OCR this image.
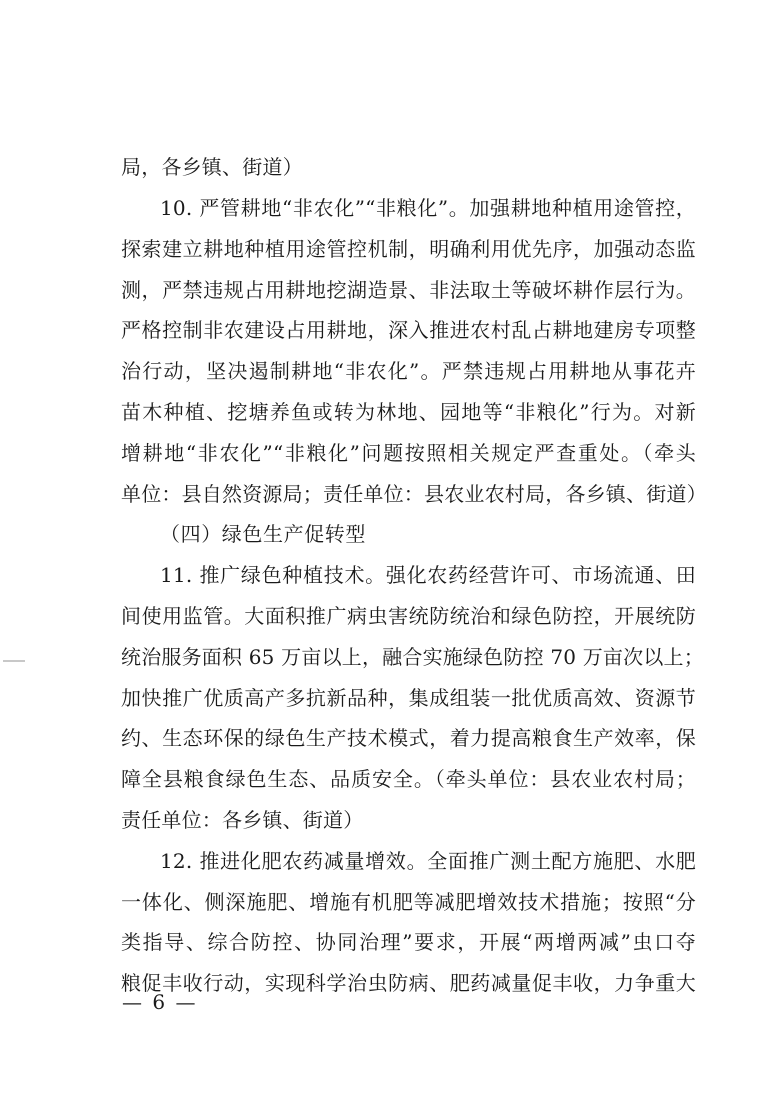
局，各乡镇、街道）
10. 严管耕地“非农化”“非粮化”。加强耕地种植用途管控，
探索建立耕地种植用途管控机制，明确利用优先序，加强动态监
测，严禁违规占用耕地挖湖造景、非法取土等破坏耕作层行为。
严格控制非农建设占用耕地，深入推进农村乱占耕地建房专项整
治行动，坚决遏制耕地“非农化”。严禁违规占用耕地从事花卉
苗木种植、挖塘养鱼或转为林地、园地等“非粮化”行为。对新
增耕地“非农化”“非粮化”问题按照相关规定严查重处。（牵头
单位：县自然资源局；责任单位：县农业农村局，各乡镇、街道）
（四）绿色生产促转型
11. 推广绿色种植技术。强化农药经营许可、市场流通、田
间使用监管。大面积推广病虫害统防统治和绿色防控，开展统防
统治服务面积 65 万亩以上，融合实施绿色防控 70 万亩次以上；
加快推广优质高产多抗新品种，集成组装一批优质高效、资源节
约、生态环保的绿色生产技术模式，着力提高粮食生产效率，保
障全县粮食绿色生态、品质安全。（牵头单位：县农业农村局；
责任单位：各乡镇、街道）
12. 推进化肥农药减量增效。全面推广测土配方施肥、水肥
一体化、侧深施肥、增施有机肥等减肥增效技术措施；按照“分
类指导、综合防控、协同治理”要求，开展“两增两减”虫口夺
粮促丰收行动，实现科学治虫防病、肥药减量促丰收，力争重大
— 6 —
